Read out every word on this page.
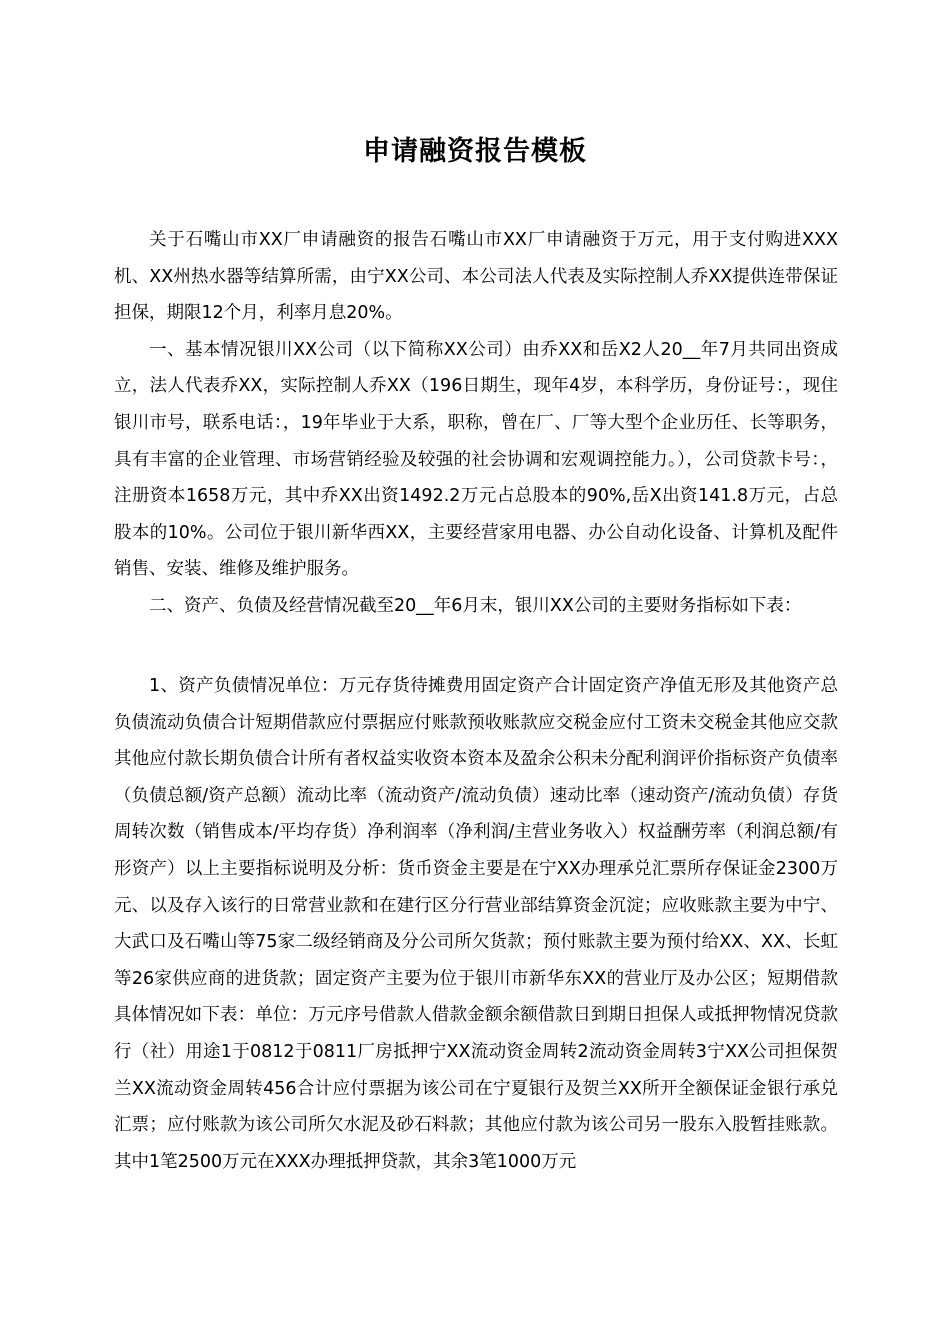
申请融资报告模板

关于石嘴山市XX厂申请融资的报告石嘴山市XX厂申请融资于万元，用于支付购进XXX机、XX州热水器等结算所需，由宁XX公司、本公司法人代表及实际控制人乔XX提供连带保证担保，期限12个月，利率月息20%。

一、基本情况银川XX公司（以下简称XX公司）由乔XX和岳X2人20__年7月共同出资成立，法人代表乔XX，实际控制人乔XX（196日期生，现年4岁，本科学历，身份证号：，现住银川市号，联系电话：，19年毕业于大系，职称，曾在厂、厂等大型个企业历任、长等职务，具有丰富的企业管理、市场营销经验及较强的社会协调和宏观调控能力。），公司贷款卡号：，注册资本1658万元，其中乔XX出资1492.2万元占总股本的90%,岳X出资141.8万元，占总股本的10%。公司位于银川新华西XX，主要经营家用电器、办公自动化设备、计算机及配件销售、安装、维修及维护服务。

二、资产、负债及经营情况截至20__年6月末，银川XX公司的主要财务指标如下表：

1、资产负债情况单位：万元存货待摊费用固定资产合计固定资产净值无形及其他资产总负债流动负债合计短期借款应付票据应付账款预收账款应交税金应付工资未交税金其他应交款其他应付款长期负债合计所有者权益实收资本资本及盈余公积未分配利润评价指标资产负债率（负债总额/资产总额）流动比率（流动资产/流动负债）速动比率（速动资产/流动负债）存货周转次数（销售成本/平均存货）净利润率（净利润/主营业务收入）权益酬劳率（利润总额/有形资产）以上主要指标说明及分析：货币资金主要是在宁XX办理承兑汇票所存保证金2300万元、以及存入该行的日常营业款和在建行区分行营业部结算资金沉淀；应收账款主要为中宁、大武口及石嘴山等75家二级经销商及分公司所欠货款；预付账款主要为预付给XX、XX、长虹等26家供应商的进货款；固定资产主要为位于银川市新华东XX的营业厅及办公区；短期借款具体情况如下表：单位：万元序号借款人借款金额余额借款日到期日担保人或抵押物情况贷款行（社）用途1于0812于0811厂房抵押宁XX流动资金周转2流动资金周转3宁XX公司担保贺兰XX流动资金周转456合计应付票据为该公司在宁夏银行及贺兰XX所开全额保证金银行承兑汇票；应付账款为该公司所欠水泥及砂石料款；其他应付款为该公司另一股东入股暂挂账款。其中1笔2500万元在XXX办理抵押贷款，其余3笔1000万元
